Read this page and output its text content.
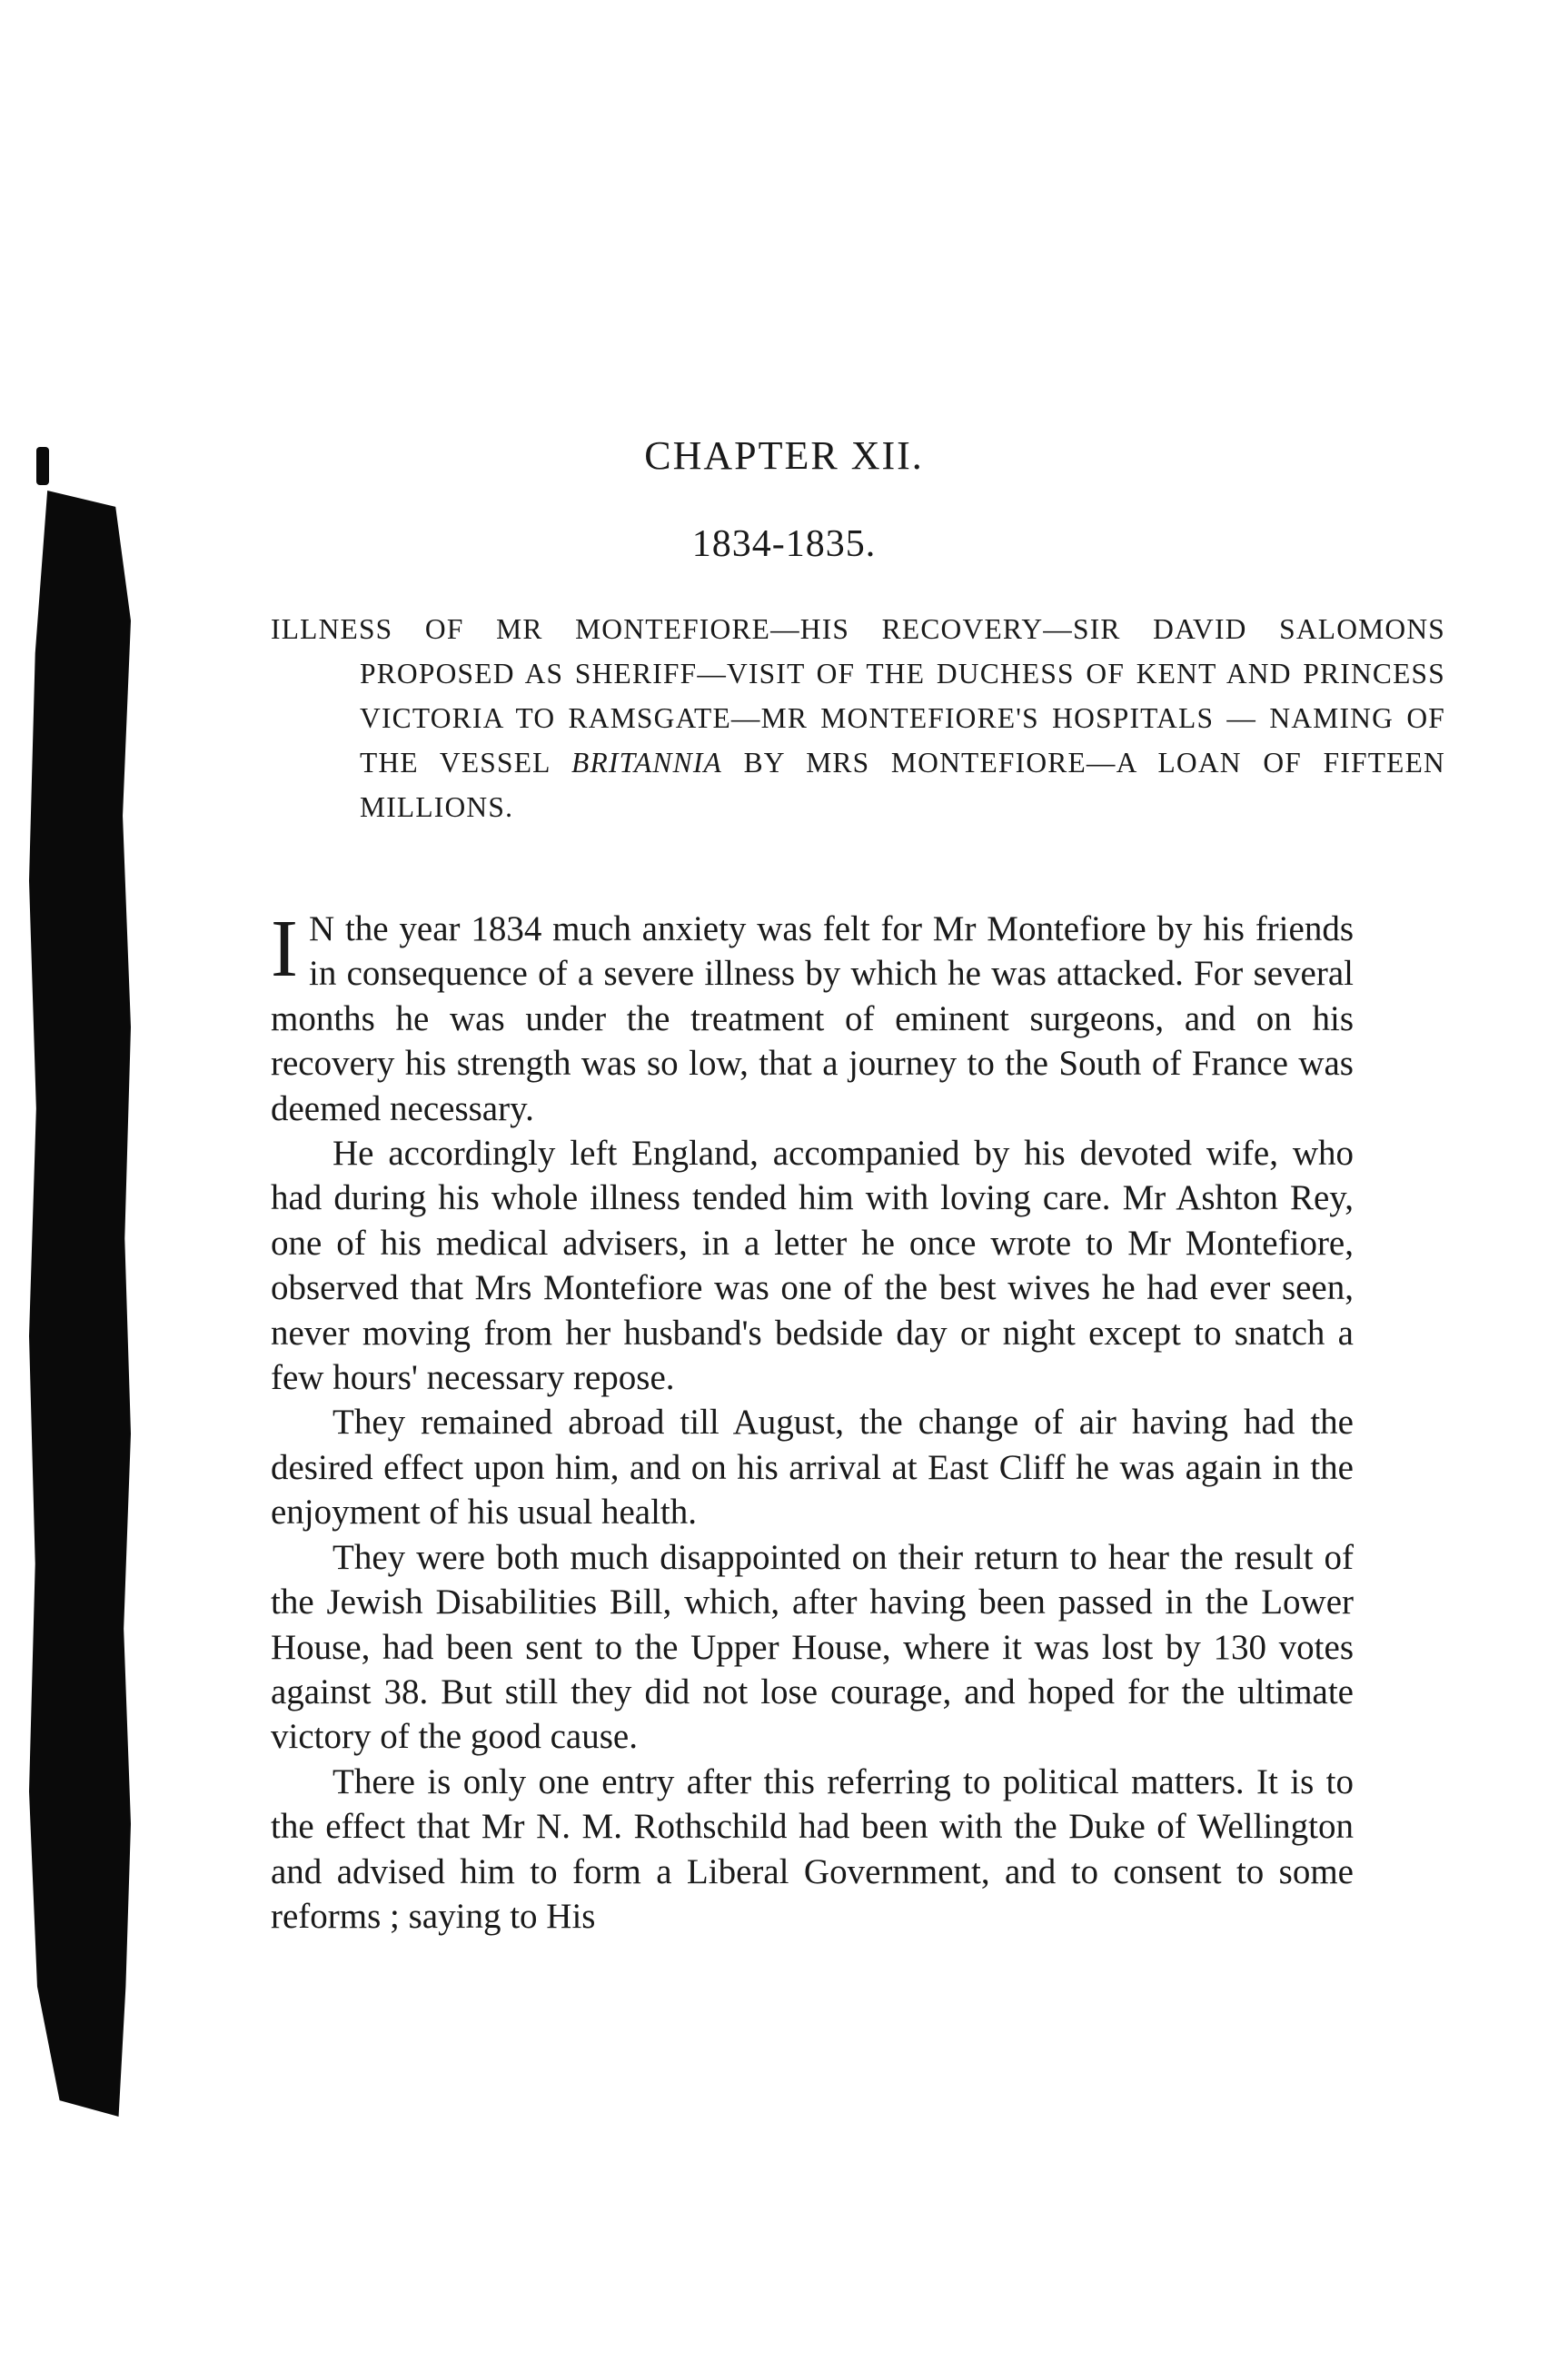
CHAPTER XII.
1834-1835.
ILLNESS OF MR MONTEFIORE—HIS RECOVERY—SIR DAVID SALOMONS PROPOSED AS SHERIFF—VISIT OF THE DUCHESS OF KENT AND PRINCESS VICTORIA TO RAMSGATE—MR MONTEFIORE'S HOSPITALS — NAMING OF THE VESSEL BRITANNIA BY MRS MONTEFIORE—A LOAN OF FIFTEEN MILLIONS.

I N the year 1834 much anxiety was felt for Mr Montefiore by his friends in consequence of a severe illness by which he was attacked. For several months he was under the treatment of eminent surgeons, and on his recovery his strength was so low, that a journey to the South of France was deemed necessary.

He accordingly left England, accompanied by his devoted wife, who had during his whole illness tended him with loving care. Mr Ashton Rey, one of his medical advisers, in a letter he once wrote to Mr Montefiore, observed that Mrs Montefiore was one of the best wives he had ever seen, never moving from her husband's bedside day or night except to snatch a few hours' necessary repose.

They remained abroad till August, the change of air having had the desired effect upon him, and on his arrival at East Cliff he was again in the enjoyment of his usual health.

They were both much disappointed on their return to hear the result of the Jewish Disabilities Bill, which, after having been passed in the Lower House, had been sent to the Upper House, where it was lost by 130 votes against 38. But still they did not lose courage, and hoped for the ultimate victory of the good cause.

There is only one entry after this referring to political matters. It is to the effect that Mr N. M. Rothschild had been with the Duke of Wellington and advised him to form a Liberal Government, and to consent to some reforms ; saying to His
